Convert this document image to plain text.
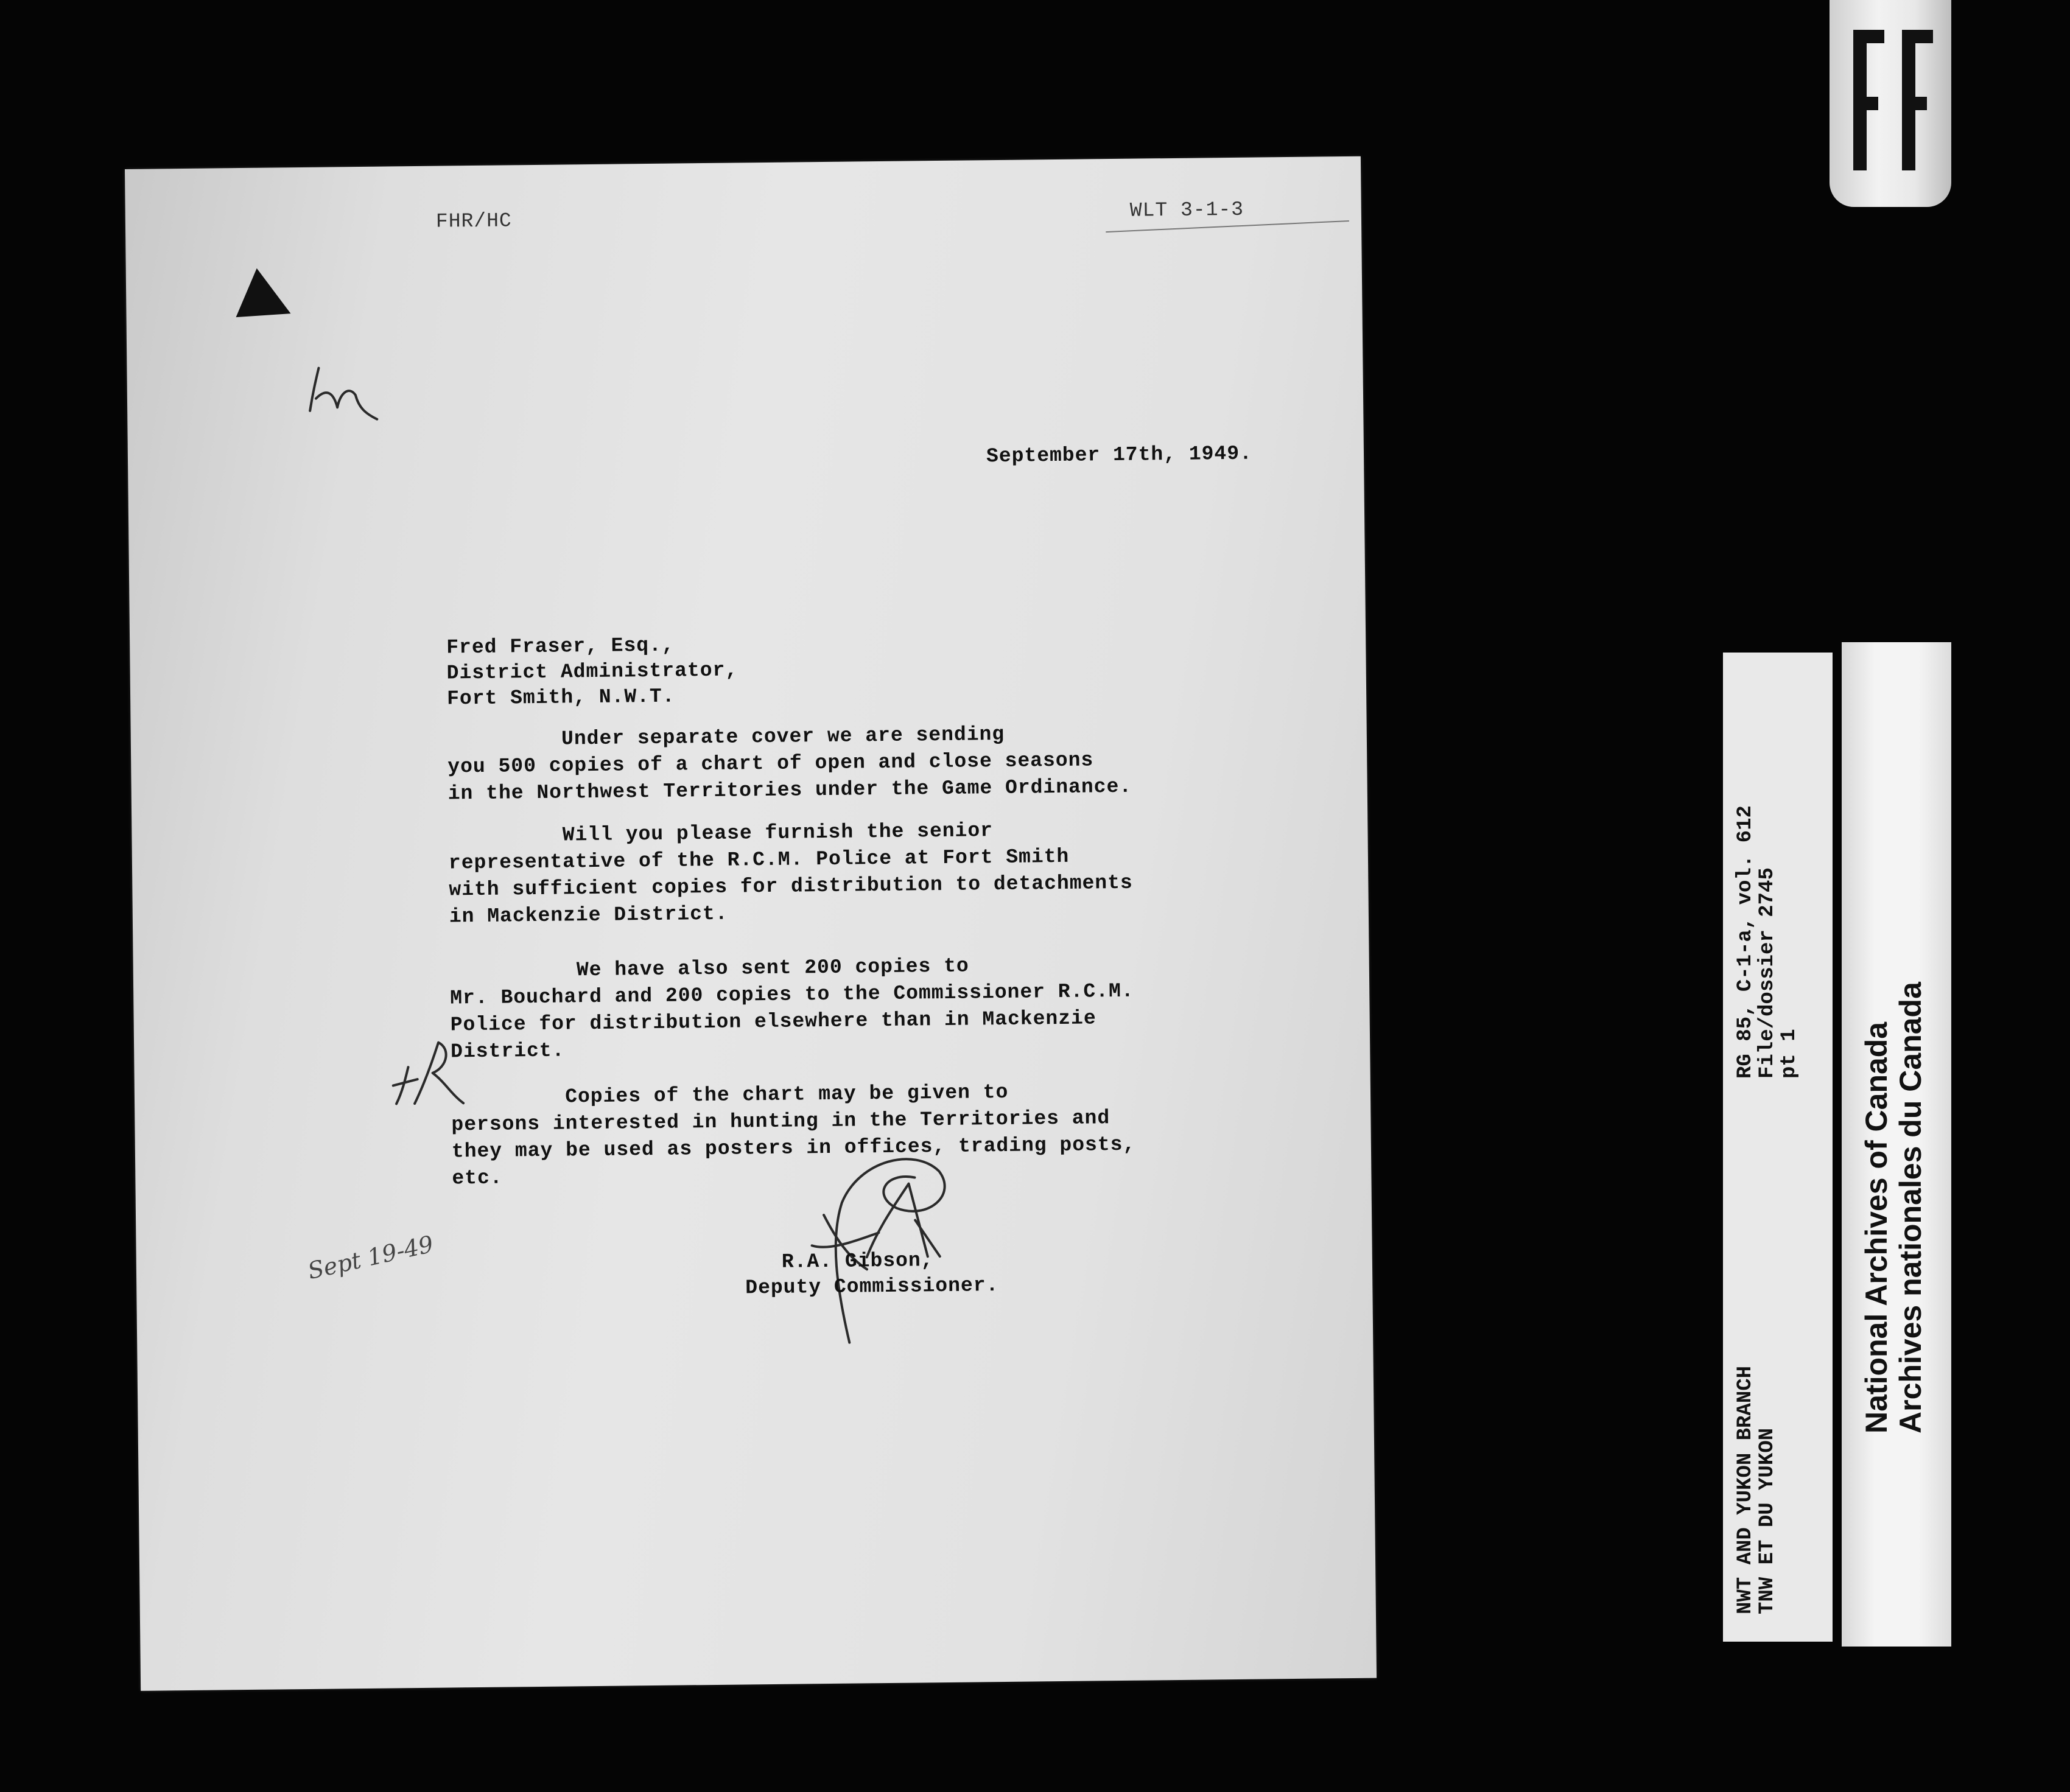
FHR/HC	WLT 3-1-3
September 17th, 1949.
Fred Fraser, Esq.,
District Administrator,
Fort Smith, N.W.T.
Under separate cover we are sending
you 500 copies of a chart of open and close seasons
in the Northwest Territories under the Game Ordinance.
Will you please furnish the senior
representative of the R.C.M. Police at Fort Smith
with sufficient copies for distribution to detachments
in Mackenzie District.
We have also sent 200 copies to
Mr. Bouchard and 200 copies to the Commissioner R.C.M.
Police for distribution elsewhere than in Mackenzie
District.
Copies of the chart may be given to
persons interested in hunting in the Territories and
they may be used as posters in offices, trading posts,
etc.
Sept 19-49	R.A. Gibson,
Deputy Commissioner.
NWT AND YUKON BRANCH
TNW ET DU YUKON
RG 85, C-1-a, vol. 612
File/dossier 2745
pt 1 National Archives of Canada Archives nationales du Canada
